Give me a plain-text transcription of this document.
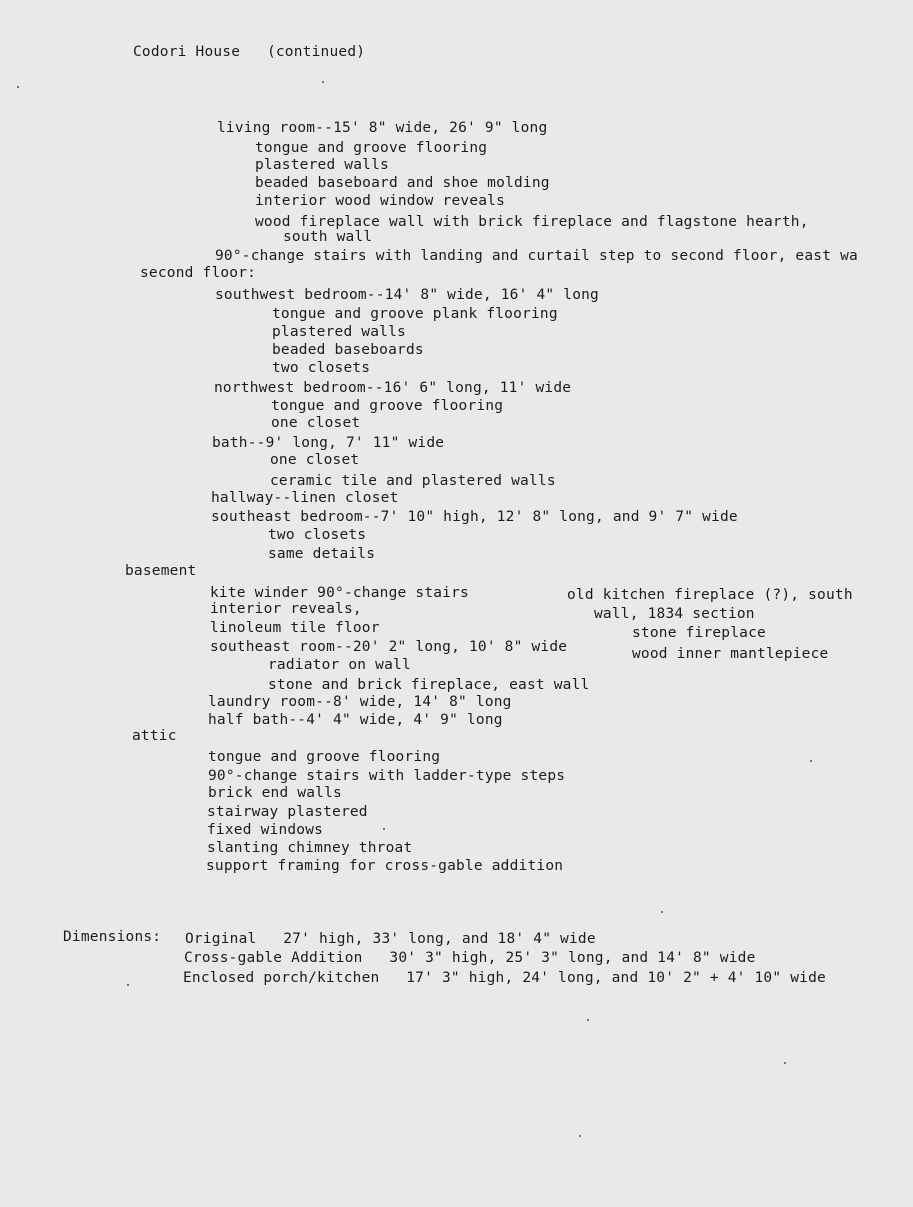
Codori House   (continued)
living room--15' 8" wide, 26' 9" long
tongue and groove flooring
plastered walls
beaded baseboard and shoe molding
interior wood window reveals
wood fireplace wall with brick fireplace and flagstone hearth,
south wall
90°-change stairs with landing and curtail step to second floor, east wa
second floor:
southwest bedroom--14' 8" wide, 16' 4" long
tongue and groove plank flooring
plastered walls
beaded baseboards
two closets
northwest bedroom--16' 6" long, 11' wide
tongue and groove flooring
one closet
bath--9' long, 7' 11" wide
one closet
ceramic tile and plastered walls
hallway--linen closet
southeast bedroom--7' 10" high, 12' 8" long, and 9' 7" wide
two closets
same details
basement
kite winder 90°-change stairs
interior reveals,
linoleum tile floor
southeast room--20' 2" long, 10' 8" wide
radiator on wall
stone and brick fireplace, east wall
laundry room--8' wide, 14' 8" long
half bath--4' 4" wide, 4' 9" long
old kitchen fireplace (?), south
wall, 1834 section
stone fireplace
wood inner mantlepiece
attic
tongue and groove flooring
90°-change stairs with ladder-type steps
brick end walls
stairway plastered
fixed windows
slanting chimney throat
support framing for cross-gable addition
Dimensions: Original   27' high, 33' long, and 18' 4" wide
Cross-gable Addition   30' 3" high, 25' 3" long, and 14' 8" wide
Enclosed porch/kitchen   17' 3" high, 24' long, and 10' 2" + 4' 10" wide
